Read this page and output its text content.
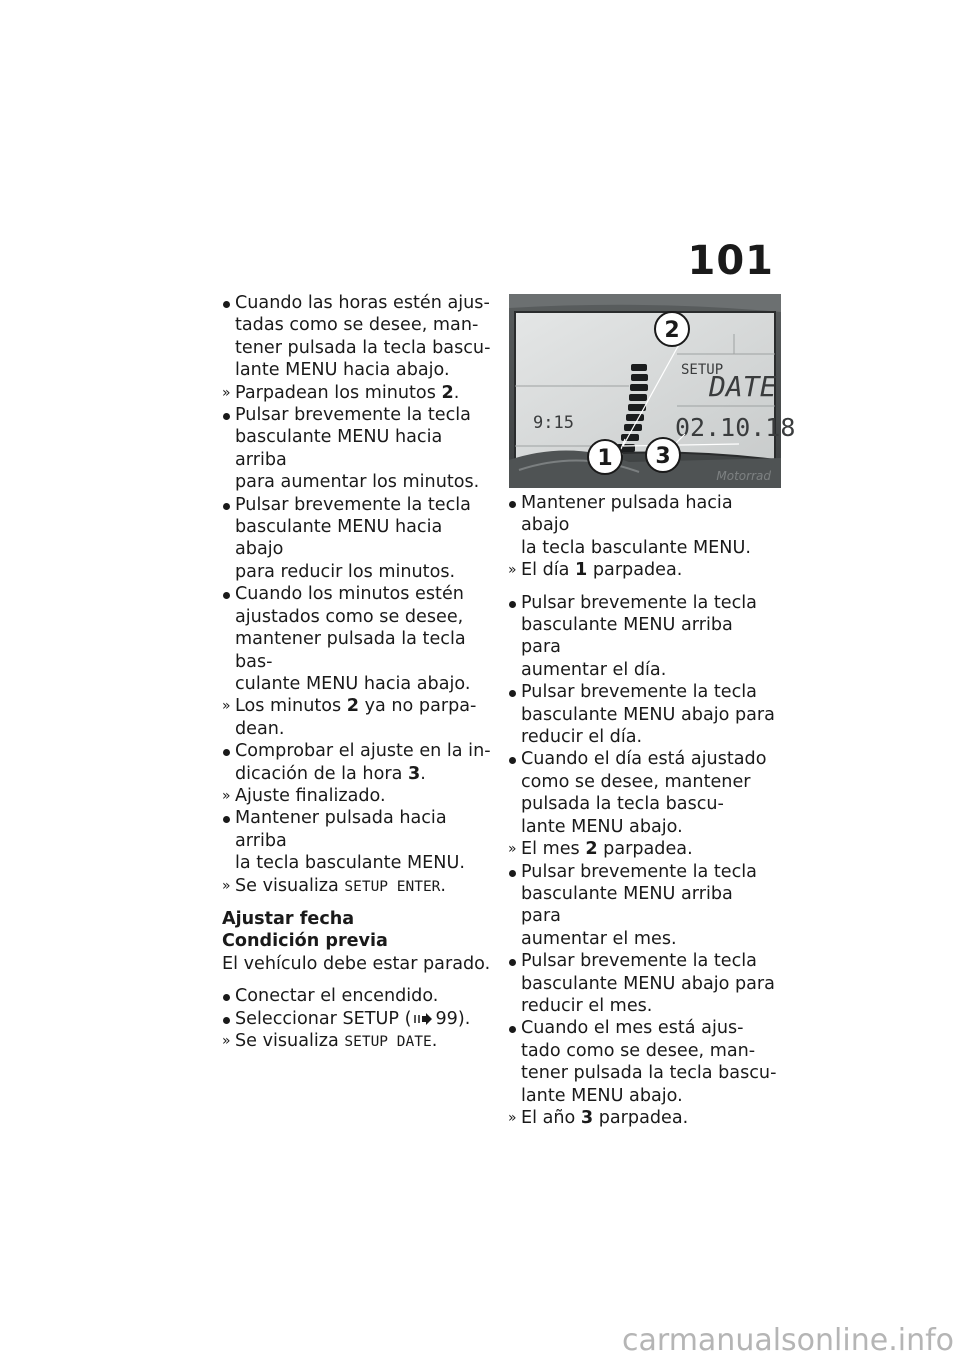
101
Cuando las horas estén ajus-
tadas como se desee, man-
tener pulsada la tecla bascu-
lante MENU hacia abajo.
» Parpadean los minutos 2.
Pulsar brevemente la tecla
basculante MENU hacia arriba
para aumentar los minutos.
Pulsar brevemente la tecla
basculante MENU hacia abajo
para reducir los minutos.
Cuando los minutos estén
ajustados como se desee,
mantener pulsada la tecla bas-
culante MENU hacia abajo.
» Los minutos 2 ya no parpa-
dean.
Comprobar el ajuste en la in-
dicación de la hora 3.
» Ajuste finalizado.
Mantener pulsada hacia arriba
la tecla basculante MENU.
» Se visualiza SETUP ENTER.
Ajustar fecha
Condición previa
El vehículo debe estar parado.
Conectar el encendido.
Seleccionar SETUP ( 99).
» Se visualiza SETUP DATE.
9:15
SETUP
DATE
02.10.18
2
1 3
Motorrad
Mantener pulsada hacia abajo
la tecla basculante MENU.
» El día 1 parpadea.
Pulsar brevemente la tecla
basculante MENU arriba para
aumentar el día.
Pulsar brevemente la tecla
basculante MENU abajo para
reducir el día.
Cuando el día está ajustado
como se desee, mantener
pulsada la tecla bascu-
lante MENU abajo.
» El mes 2 parpadea.
Pulsar brevemente la tecla
basculante MENU arriba para
aumentar el mes.
Pulsar brevemente la tecla
basculante MENU abajo para
reducir el mes.
Cuando el mes está ajus-
tado como se desee, man-
tener pulsada la tecla bascu-
lante MENU abajo.
» El año 3 parpadea.
carmanualsonline.info
